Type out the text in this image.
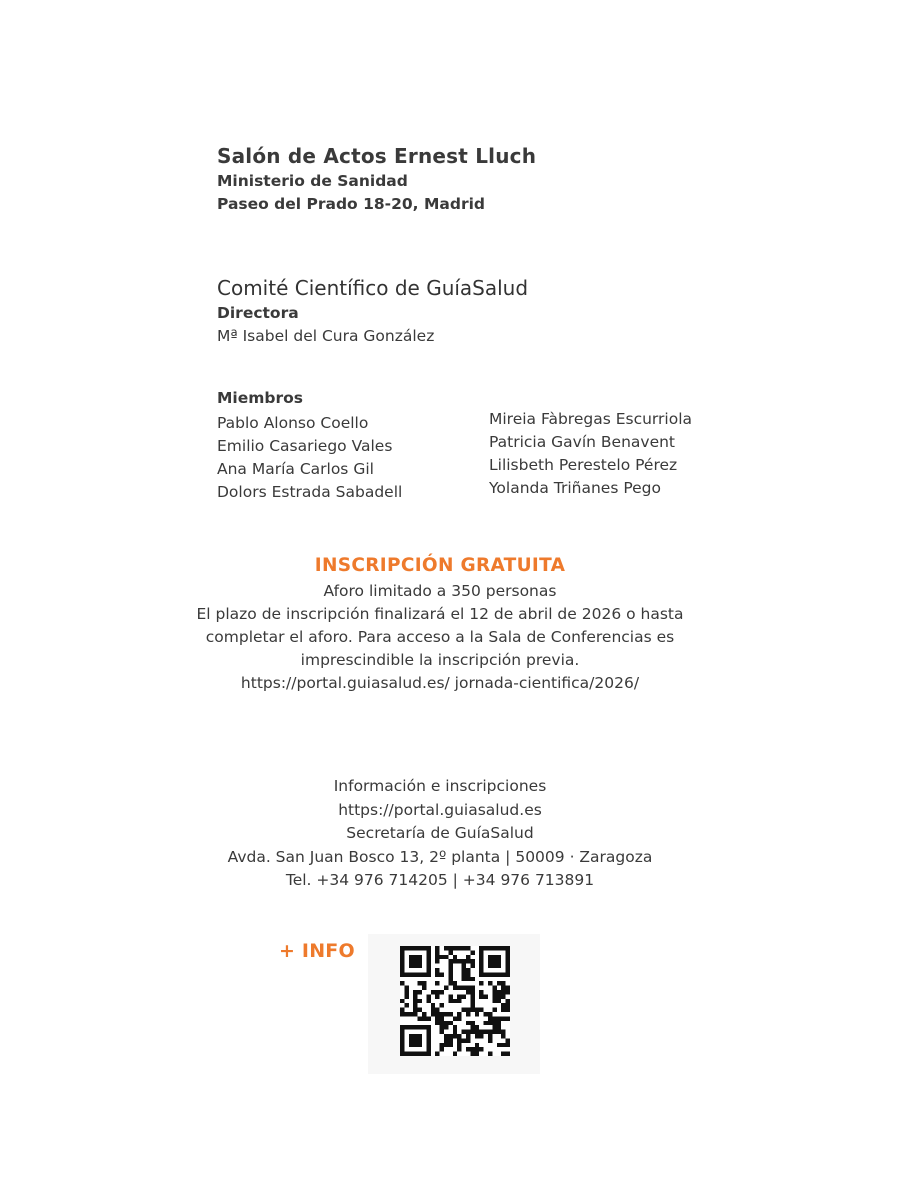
Salón de Actos Ernest Lluch
Ministerio de Sanidad
Paseo del Prado 18-20, Madrid
Comité Científico de GuíaSalud
Directora
Mª Isabel del Cura González
Miembros
Pablo Alonso Coello
Emilio Casariego Vales
Ana María Carlos Gil
Dolors Estrada Sabadell
Mireia Fàbregas Escurriola
Patricia Gavín Benavent
Lilisbeth Perestelo Pérez
Yolanda Triñanes Pego
INSCRIPCIÓN GRATUITA
Aforo limitado a 350 personas
El plazo de inscripción finalizará el 12 de abril de 2026 o hasta
completar el aforo. Para acceso a la Sala de Conferencias es
imprescindible la inscripción previa.
https://portal.guiasalud.es/ jornada-cientifica/2026/
Información e inscripciones
https://portal.guiasalud.es
Secretaría de GuíaSalud
Avda. San Juan Bosco 13, 2º planta | 50009 · Zaragoza
Tel. +34 976 714205 | +34 976 713891
+ INFO
